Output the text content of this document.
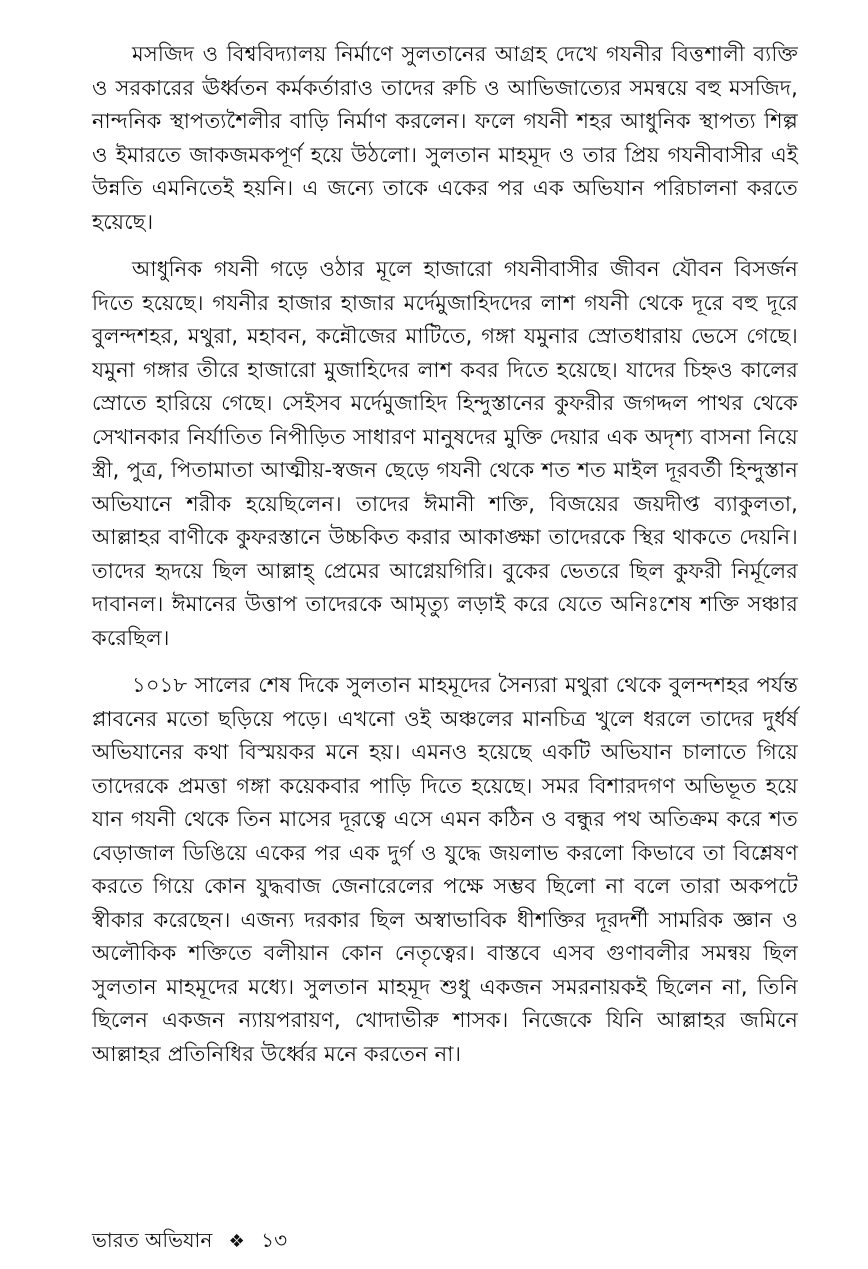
মসজিদ ও বিশ্ববিদ্যালয় নির্মাণে সুলতানের আগ্রহ দেখে গযনীর বিত্তশালী ব্যক্তি ও সরকারের ঊর্ধ্বতন কর্মকর্তারাও তাদের রুচি ও আভিজাত্যের সমন্বয়ে বহু মসজিদ, নান্দনিক স্থাপত্যশৈলীর বাড়ি নির্মাণ করলেন। ফলে গযনী শহর আধুনিক স্থাপত্য শিল্প ও ইমারতে জাকজমকপূর্ণ হয়ে উঠলো। সুলতান মাহমূদ ও তার প্রিয় গযনীবাসীর এই উন্নতি এমনিতেই হয়নি। এ জন্যে তাকে একের পর এক অভিযান পরিচালনা করতে হয়েছে।

আধুনিক গযনী গড়ে ওঠার মূলে হাজারো গযনীবাসীর জীবন যৌবন বিসর্জন দিতে হয়েছে। গযনীর হাজার হাজার মর্দেমুজাহিদদের লাশ গযনী থেকে দূরে বহু দূরে বুলন্দশহর, মথুরা, মহাবন, কন্নৌজের মাটিতে, গঙ্গা যমুনার স্রোতধারায় ভেসে গেছে। যমুনা গঙ্গার তীরে হাজারো মুজাহিদের লাশ কবর দিতে হয়েছে। যাদের চিহ্নও কালের স্রোতে হারিয়ে গেছে। সেইসব মর্দেমুজাহিদ হিন্দুস্তানের কুফরীর জগদ্দল পাথর থেকে সেখানকার নির্যাতিত নিপীড়িত সাধারণ মানুষদের মুক্তি দেয়ার এক অদৃশ্য বাসনা নিয়ে স্ত্রী, পুত্র, পিতামাতা আত্মীয়-স্বজন ছেড়ে গযনী থেকে শত শত মাইল দূরবর্তী হিন্দুস্তান অভিযানে শরীক হয়েছিলেন। তাদের ঈমানী শক্তি, বিজয়ের জয়দীপ্ত ব্যাকুলতা, আল্লাহর বাণীকে কুফরস্তানে উচ্চকিত করার আকাঙ্ক্ষা তাদেরকে স্থির থাকতে দেয়নি। তাদের হৃদয়ে ছিল আল্লাহ্ প্রেমের আগ্নেয়গিরি। বুকের ভেতরে ছিল কুফরী নির্মূলের দাবানল। ঈমানের উত্তাপ তাদেরকে আমৃত্যু লড়াই করে যেতে অনিঃশেষ শক্তি সঞ্চার করেছিল।

১০১৮ সালের শেষ দিকে সুলতান মাহমূদের সৈন্যরা মথুরা থেকে বুলন্দশহর পর্যন্ত প্লাবনের মতো ছড়িয়ে পড়ে। এখনো ওই অঞ্চলের মানচিত্র খুলে ধরলে তাদের দুর্ধর্ষ অভিযানের কথা বিস্ময়কর মনে হয়। এমনও হয়েছে একটি অভিযান চালাতে গিয়ে তাদেরকে প্রমত্তা গঙ্গা কয়েকবার পাড়ি দিতে হয়েছে। সমর বিশারদগণ অভিভূত হয়ে যান গযনী থেকে তিন মাসের দূরত্বে এসে এমন কঠিন ও বন্ধুর পথ অতিক্রম করে শত বেড়াজাল ডিঙিয়ে একের পর এক দুর্গ ও যুদ্ধে জয়লাভ করলো কিভাবে তা বিশ্লেষণ করতে গিয়ে কোন যুদ্ধবাজ জেনারেলের পক্ষে সম্ভব ছিলো না বলে তারা অকপটে স্বীকার করেছেন। এজন্য দরকার ছিল অস্বাভাবিক ধীশক্তির দূরদর্শী সামরিক জ্ঞান ও অলৌকিক শক্তিতে বলীয়ান কোন নেতৃত্বের। বাস্তবে এসব গুণাবলীর সমন্বয় ছিল সুলতান মাহমূদের মধ্যে। সুলতান মাহমূদ শুধু একজন সমরনায়কই ছিলেন না, তিনি ছিলেন একজন ন্যায়পরায়ণ, খোদাভীরু শাসক। নিজেকে যিনি আল্লাহর জমিনে আল্লাহর প্রতিনিধির উর্ধ্বের মনে করতেন না।

ভারত অভিযান ❖ ১৩
